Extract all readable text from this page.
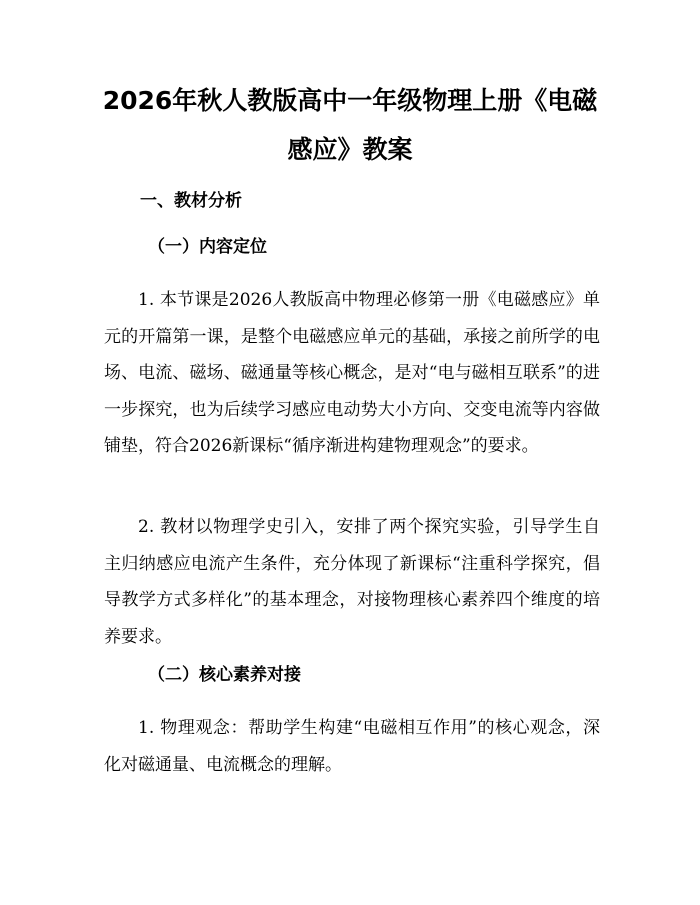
2026年秋人教版高中一年级物理上册《电磁
感应》教案
一、教材分析
（一）内容定位

1. 本节课是2026人教版高中物理必修第一册《电磁感应》单元的开篇第一课，是整个电磁感应单元的基础，承接之前所学的电场、电流、磁场、磁通量等核心概念，是对“电与磁相互联系”的进一步探究，也为后续学习感应电动势大小方向、交变电流等内容做铺垫，符合2026新课标“循序渐进构建物理观念”的要求。

2. 教材以物理学史引入，安排了两个探究实验，引导学生自主归纳感应电流产生条件，充分体现了新课标“注重科学探究，倡导教学方式多样化”的基本理念，对接物理核心素养四个维度的培养要求。

（二）核心素养对接

1. 物理观念：帮助学生构建“电磁相互作用”的核心观念，深化对磁通量、电流概念的理解。
